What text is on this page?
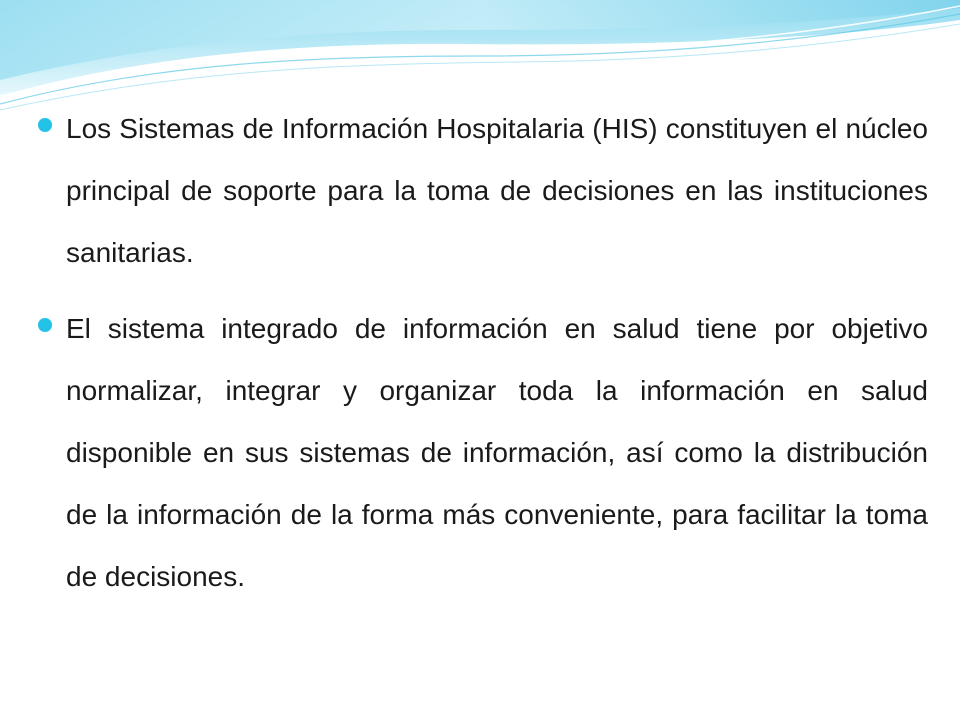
Los Sistemas de Información Hospitalaria (HIS) constituyen el núcleo principal de soporte para la toma de decisiones en las instituciones sanitarias.

El sistema integrado de información en salud tiene por objetivo normalizar, integrar y organizar toda la información en salud disponible en sus sistemas de información, así como la distribución de la información de la forma más conveniente, para facilitar la toma de decisiones.
